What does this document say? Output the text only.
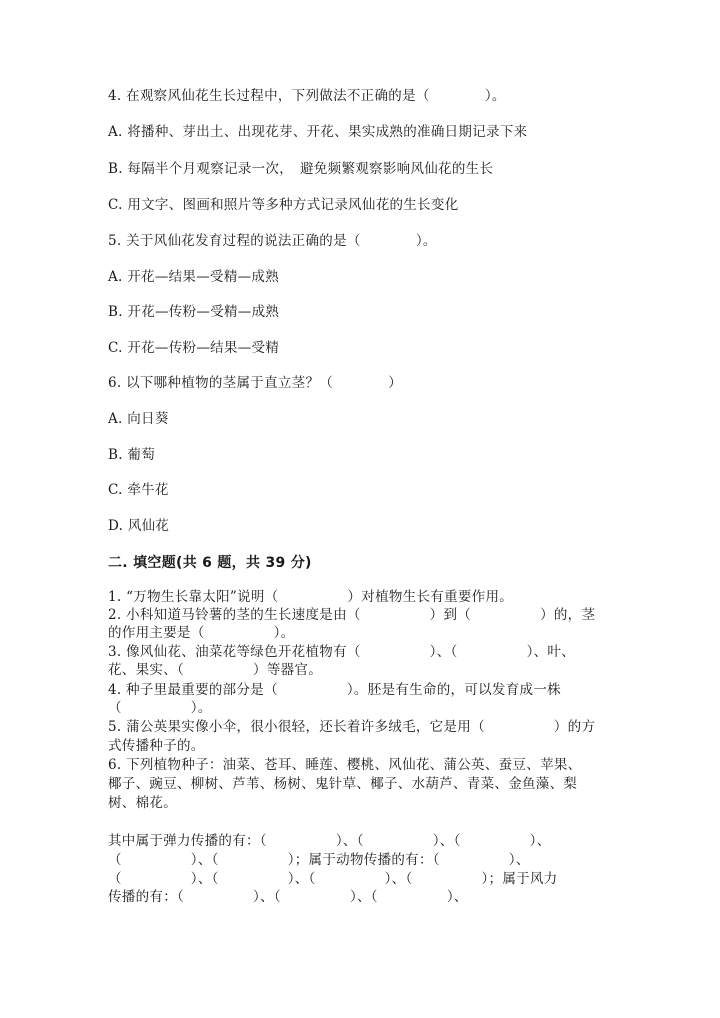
4. 在观察风仙花生长过程中，下列做法不正确的是（　　　　）。
A. 将播种、芽出土、出现花芽、开花、果实成熟的准确日期记录下来
B. 每隔半个月观察记录一次，　避免频繁观察影响风仙花的生长
C. 用文字、图画和照片等多种方式记录风仙花的生长变化
5. 关于风仙花发育过程的说法正确的是（　　　　）。
A. 开花—结果—受精—成熟
B. 开花—传粉—受精—成熟
C. 开花—传粉—结果—受精
6. 以下哪种植物的茎属于直立茎？（　　　　）
A. 向日葵
B. 葡萄
C. 牵牛花
D. 风仙花
二. 填空题(共 6 题，共 39 分)
1. “万物生长靠太阳”说明（　　　　　）对植物生长有重要作用。
2. 小科知道马铃薯的茎的生长速度是由（　　　　　）到（　　　　　）的，茎
的作用主要是（　　　　　）。
3. 像风仙花、油菜花等绿色开花植物有（　　　　　）、（　　　　　）、叶、
花、果实、（　　　　　）等器官。
4. 种子里最重要的部分是（　　　　　）。胚是有生命的，可以发育成一株
（　　　　　）。
5. 蒲公英果实像小伞，很小很轻，还长着许多绒毛，它是用（　　　　　）的方
式传播种子的。
6. 下列植物种子：油菜、苍耳、睡莲、樱桃、风仙花、蒲公英、蚕豆、苹果、
椰子、豌豆、柳树、芦苇、杨树、鬼针草、椰子、水葫芦、青菜、金鱼藻、梨
树、棉花。
其中属于弹力传播的有：（　　　　　）、（　　　　　）、（　　　　　）、
（　　　　　）、（　　　　　）；属于动物传播的有：（　　　　　）、
（　　　　　）、（　　　　　）、（　　　　　）、（　　　　　）；属于风力
传播的有：（　　　　　）、（　　　　　）、（　　　　　）、
